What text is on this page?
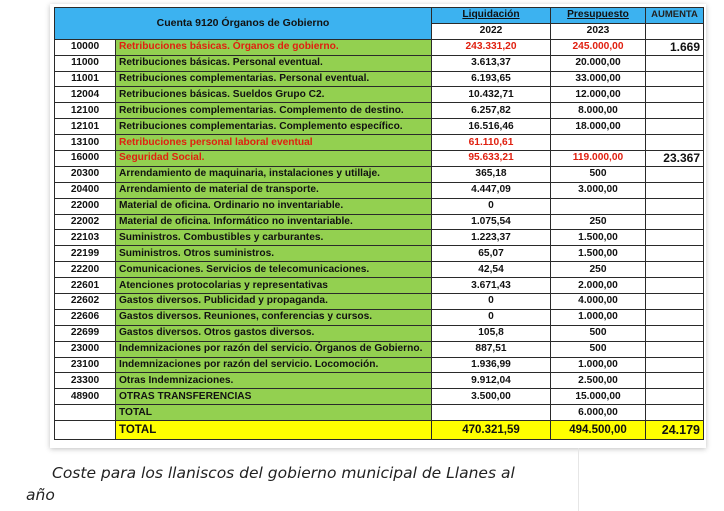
Cuenta 9120 Órganos de Gobierno		Liquidación	Presupuesto	AUMENTA
		2022	2023	
10000	Retribuciones básicas. Órganos de gobierno.	243.331,20	245.000,00	1.669
11000	Retribuciones básicas. Personal eventual.	3.613,37	20.000,00	
11001	Retribuciones complementarias. Personal eventual.	6.193,65	33.000,00	
12004	Retribuciones básicas. Sueldos Grupo C2.	10.432,71	12.000,00	
12100	Retribuciones complementarias. Complemento de destino.	6.257,82	8.000,00	
12101	Retribuciones complementarias. Complemento específico.	16.516,46	18.000,00	
13100	Retribuciones personal laboral eventual	61.110,61		
16000	Seguridad Social.	95.633,21	119.000,00	23.367
20300	Arrendamiento de maquinaria, instalaciones y utillaje.	365,18	500	
20400	Arrendamiento de material de transporte.	4.447,09	3.000,00	
22000	Material de oficina. Ordinario no inventariable.	0		
22002	Material de oficina. Informático no inventariable.	1.075,54	250	
22103	Suministros. Combustibles y carburantes.	1.223,37	1.500,00	
22199	Suministros. Otros suministros.	65,07	1.500,00	
22200	Comunicaciones. Servicios de telecomunicaciones.	42,54	250	
22601	Atenciones protocolarias y representativas	3.671,43	2.000,00	
22602	Gastos diversos. Publicidad y propaganda.	0	4.000,00	
22606	Gastos diversos. Reuniones, conferencias y cursos.	0	1.000,00	
22699	Gastos diversos. Otros gastos diversos.	105,8	500	
23000	Indemnizaciones por razón del servicio. Órganos de Gobierno.	887,51	500	
23100	Indemnizaciones por razón del servicio. Locomoción.	1.936,99	1.000,00	
23300	Otras Indemnizaciones.	9.912,04	2.500,00	
48900	OTRAS TRANSFERENCIAS	3.500,00	15.000,00	
	TOTAL		6.000,00	
	TOTAL	470.321,59	494.500,00	24.179
Coste para los llaniscos del gobierno municipal de Llanes al
año
